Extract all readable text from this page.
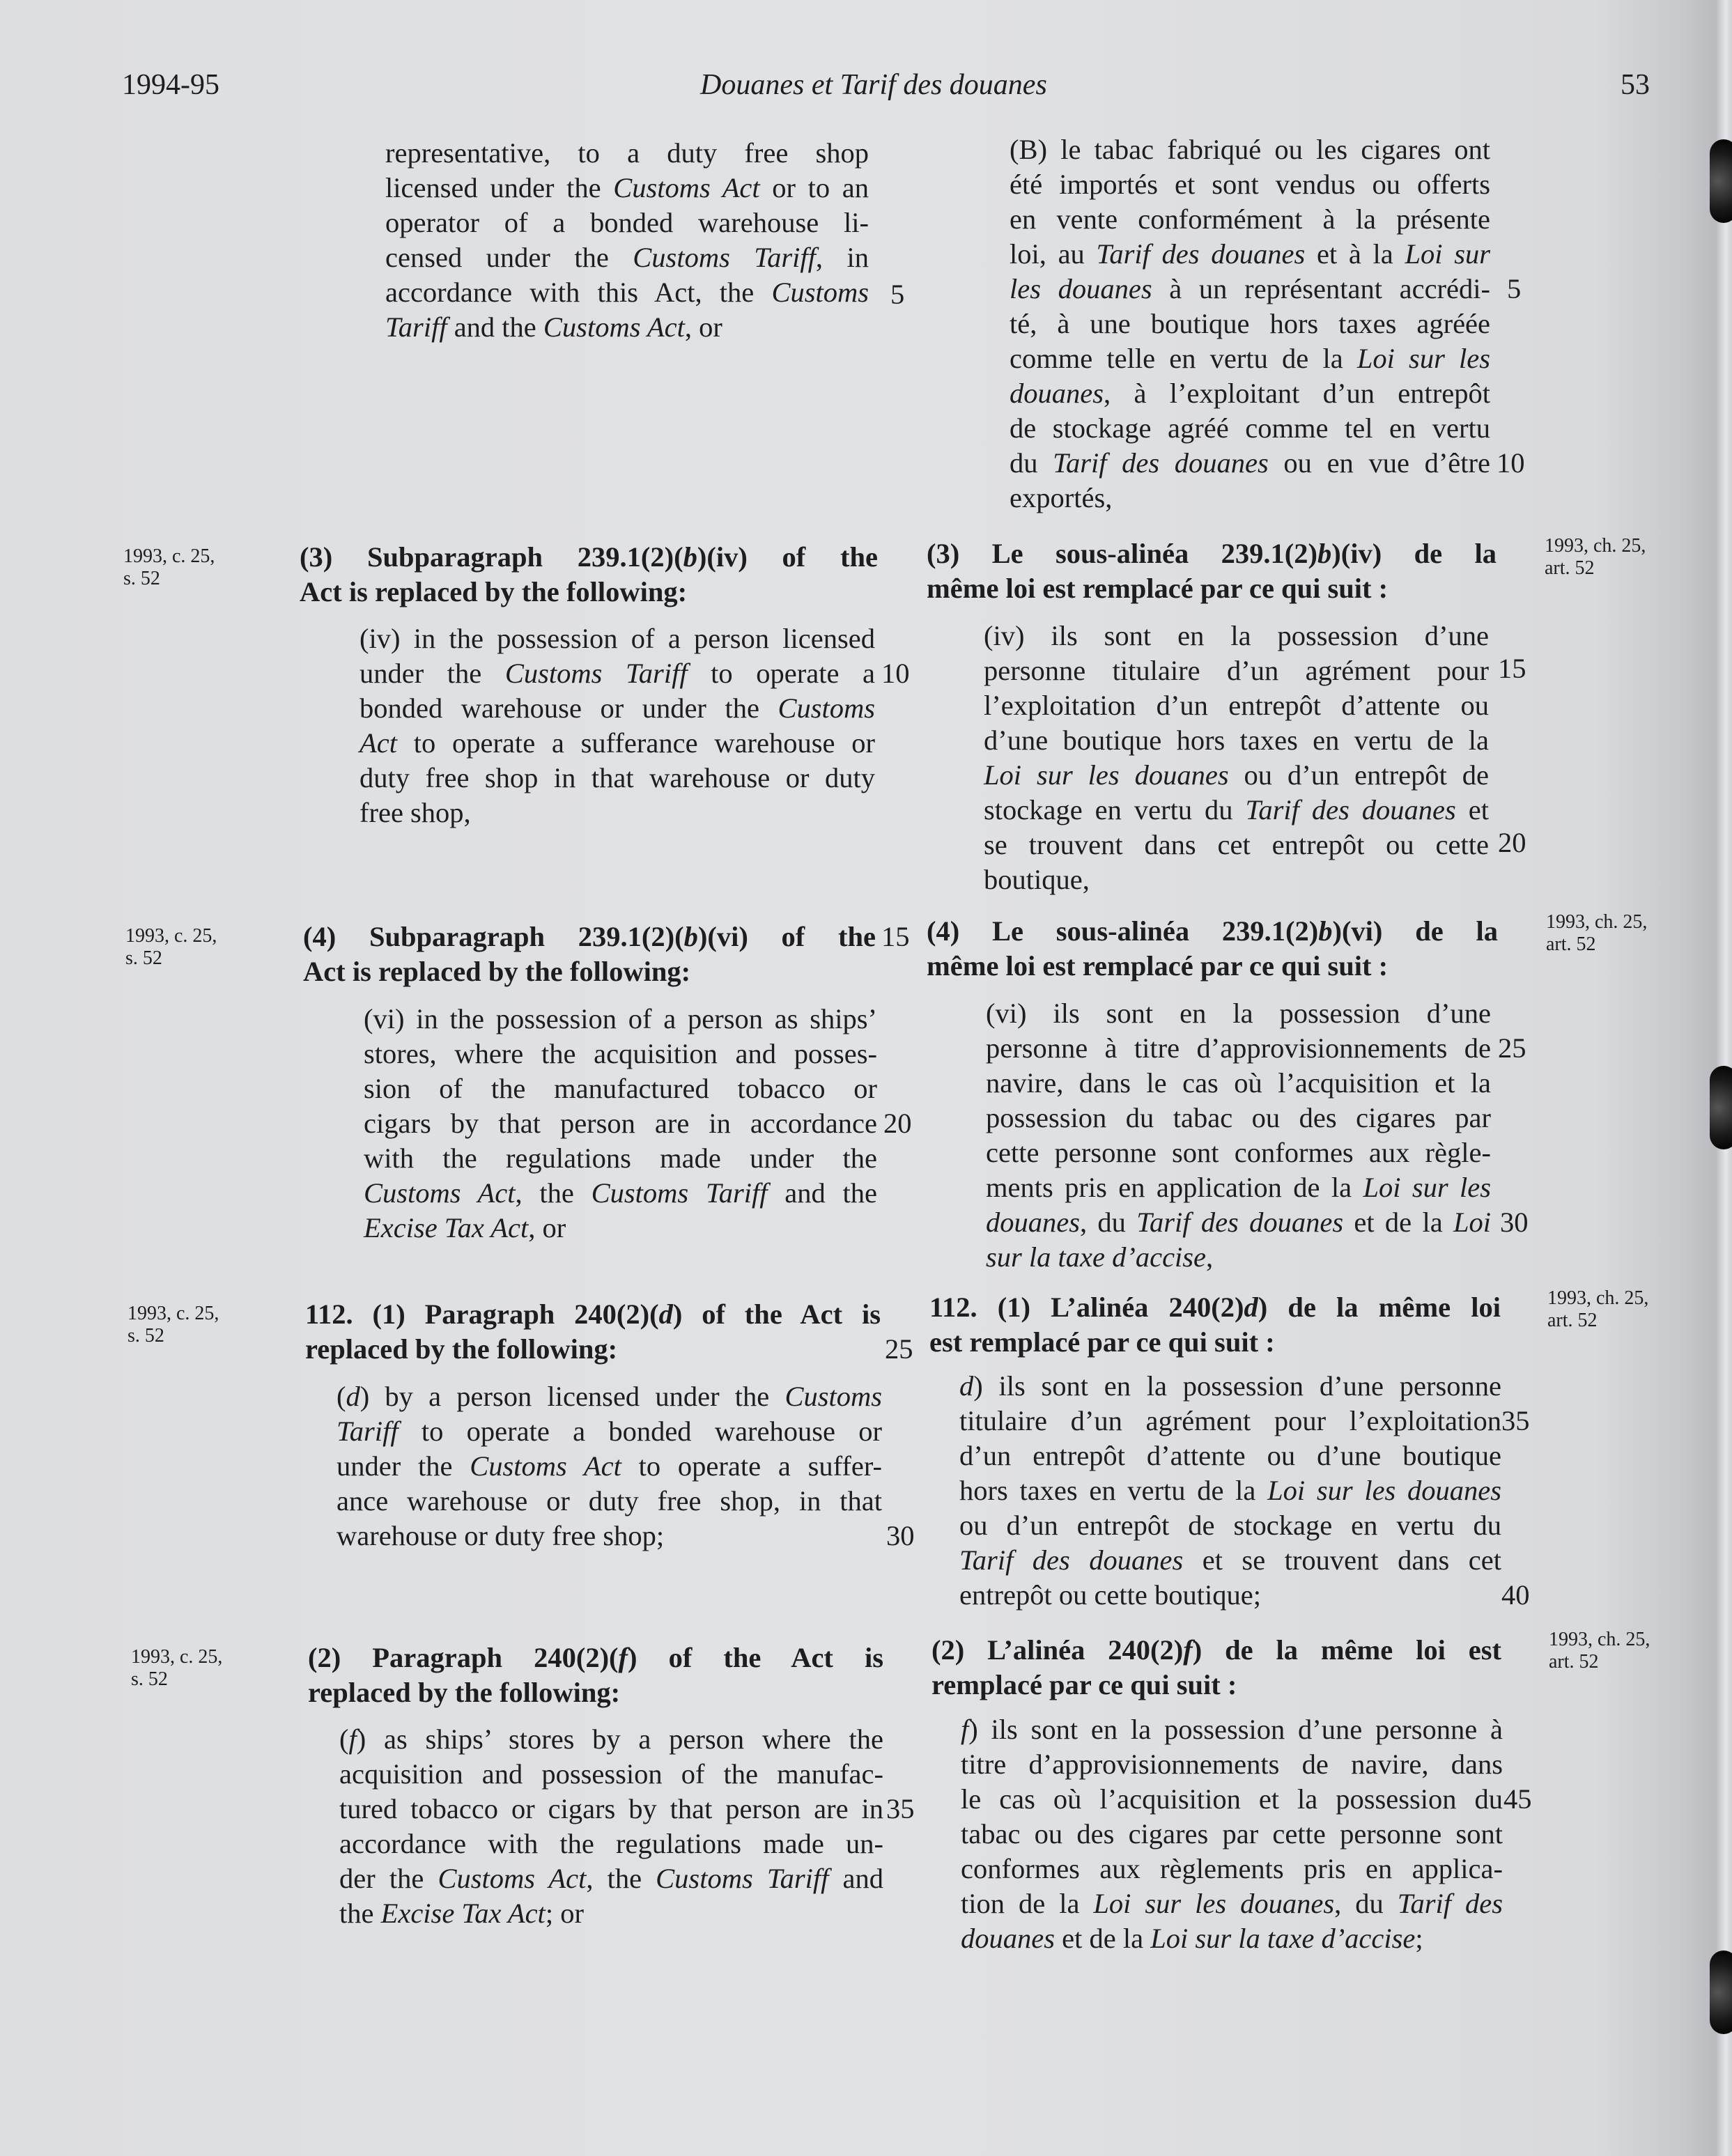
1994-95	Douanes et Tarif des douanes	53
representative, to a duty free shop
licensed under the Customs Act or to an
operator of a bonded warehouse li-
censed under the Customs Tariff, in
accordance with this Act, the Customs
Tariff and the Customs Act, or
(3) Subparagraph 239.1(2)(b)(iv) of the
Act is replaced by the following:
(iv) in the possession of a person licensed
under the Customs Tariff to operate a
bonded warehouse or under the Customs
Act to operate a sufferance warehouse or
duty free shop in that warehouse or duty
free shop,
(4) Subparagraph 239.1(2)(b)(vi) of the
Act is replaced by the following:
(vi) in the possession of a person as ships’
stores, where the acquisition and posses-
sion of the manufactured tobacco or
cigars by that person are in accordance
with the regulations made under the
Customs Act, the Customs Tariff and the
Excise Tax Act, or
112. (1) Paragraph 240(2)(d) of the Act is
replaced by the following:
(d) by a person licensed under the Customs
Tariff to operate a bonded warehouse or
under the Customs Act to operate a suffer-
ance warehouse or duty free shop, in that
warehouse or duty free shop;
(2) Paragraph 240(2)(f) of the Act is
replaced by the following:
(f) as ships’ stores by a person where the
acquisition and possession of the manufac-
tured tobacco or cigars by that person are in
accordance with the regulations made un-
der the Customs Act, the Customs Tariff and
the Excise Tax Act; or
(B) le tabac fabriqué ou les cigares ont
été importés et sont vendus ou offerts
en vente conformément à la présente
loi, au Tarif des douanes et à la Loi sur
les douanes à un représentant accrédi-
té, à une boutique hors taxes agréée
comme telle en vertu de la Loi sur les
douanes, à l’exploitant d’un entrepôt
de stockage agréé comme tel en vertu
du Tarif des douanes ou en vue d’être
exportés,
(3) Le sous-alinéa 239.1(2)b)(iv) de la
même loi est remplacé par ce qui suit :
(iv) ils sont en la possession d’une
personne titulaire d’un agrément pour
l’exploitation d’un entrepôt d’attente ou
d’une boutique hors taxes en vertu de la
Loi sur les douanes ou d’un entrepôt de
stockage en vertu du Tarif des douanes et
se trouvent dans cet entrepôt ou cette
boutique,
(4) Le sous-alinéa 239.1(2)b)(vi) de la
même loi est remplacé par ce qui suit :
(vi) ils sont en la possession d’une
personne à titre d’approvisionnements de
navire, dans le cas où l’acquisition et la
possession du tabac ou des cigares par
cette personne sont conformes aux règle-
ments pris en application de la Loi sur les
douanes, du Tarif des douanes et de la Loi
sur la taxe d’accise,
112. (1) L’alinéa 240(2)d) de la même loi
est remplacé par ce qui suit :
d) ils sont en la possession d’une personne
titulaire d’un agrément pour l’exploitation
d’un entrepôt d’attente ou d’une boutique
hors taxes en vertu de la Loi sur les douanes
ou d’un entrepôt de stockage en vertu du
Tarif des douanes et se trouvent dans cet
entrepôt ou cette boutique;
(2) L’alinéa 240(2)f) de la même loi est
remplacé par ce qui suit :
f) ils sont en la possession d’une personne à
titre d’approvisionnements de navire, dans
le cas où l’acquisition et la possession du
tabac ou des cigares par cette personne sont
conformes aux règlements pris en applica-
tion de la Loi sur les douanes, du Tarif des
douanes et de la Loi sur la taxe d’accise;
5
10
15
20
25
30
35
5
10
15
20
25
30
35
40
45
1993, c. 25,
s. 52
1993, c. 25,
s. 52
1993, c. 25,
s. 52
1993, c. 25,
s. 52
1993, ch. 25,
art. 52
1993, ch. 25,
art. 52
1993, ch. 25,
art. 52
1993, ch. 25,
art. 52
